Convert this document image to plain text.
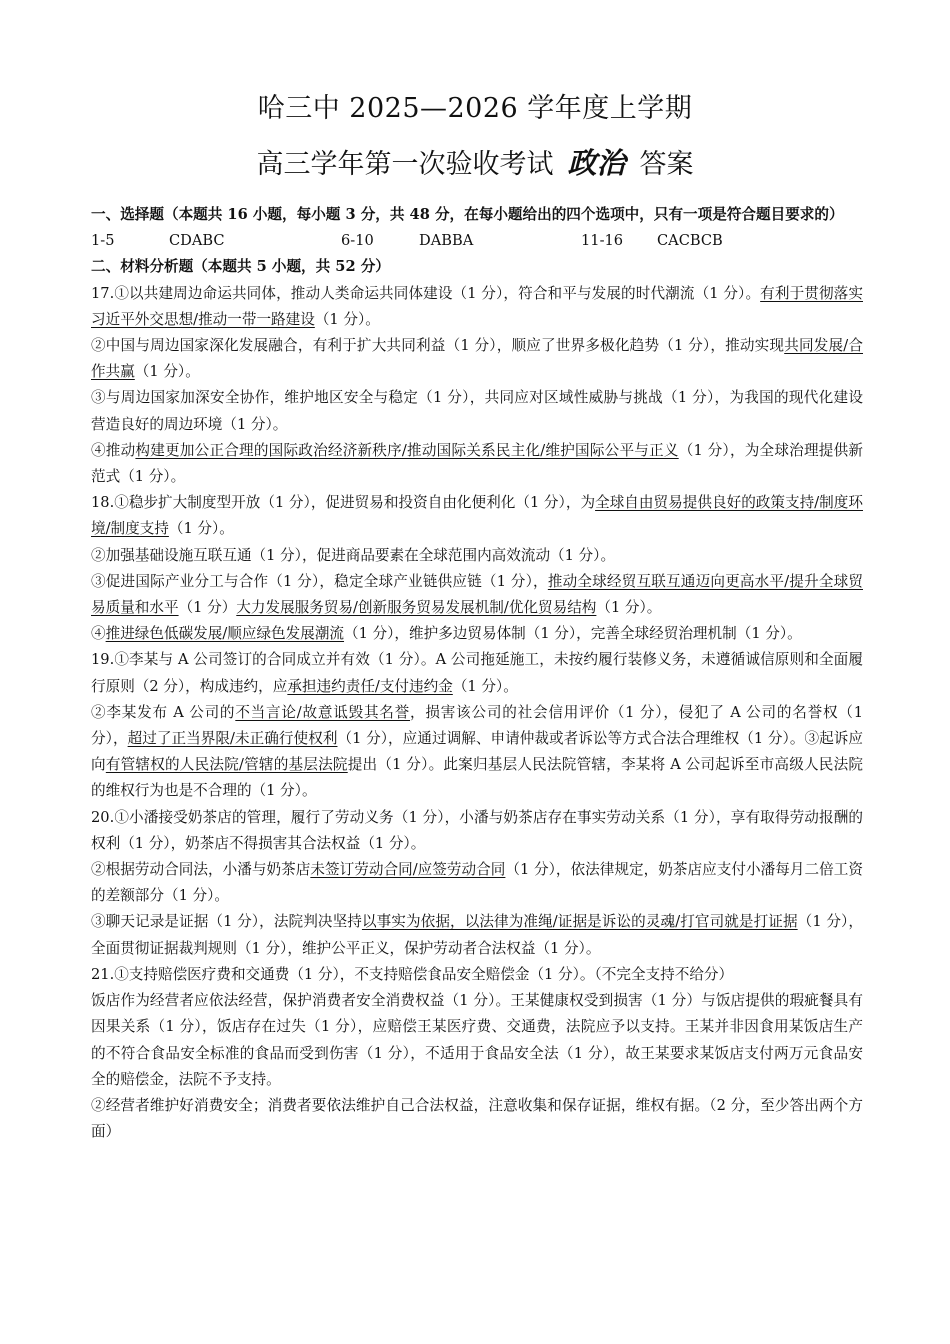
哈三中 2025—2026 学年度上学期
高三学年第一次验收考试 政治 答案

一、选择题（本题共 16 小题，每小题 3 分，共 48 分，在每小题给出的四个选项中，只有一项是符合题目要求的）

1-5	CDABC	6-10	DABBA	11-16 CACBCB

二、材料分析题（本题共 5 小题，共 52 分）

17.①以共建周边命运共同体，推动人类命运共同体建设（1 分），符合和平与发展的时代潮流（1 分）。有利于贯彻落实习近平外交思想/推动一带一路建设（1 分）。

②中国与周边国家深化发展融合，有利于扩大共同利益（1 分），顺应了世界多极化趋势（1 分），推动实现共同发展/合作共赢（1 分）。

③与周边国家加深安全协作，维护地区安全与稳定（1 分），共同应对区域性威胁与挑战（1 分），为我国的现代化建设营造良好的周边环境（1 分）。

④推动构建更加公正合理的国际政治经济新秩序/推动国际关系民主化/维护国际公平与正义（1 分），为全球治理提供新范式（1 分）。

18.①稳步扩大制度型开放（1 分），促进贸易和投资自由化便利化（1 分），为全球自由贸易提供良好的政策支持/制度环境/制度支持（1 分）。

②加强基础设施互联互通（1 分），促进商品要素在全球范围内高效流动（1 分）。

③促进国际产业分工与合作（1 分），稳定全球产业链供应链（1 分），推动全球经贸互联互通迈向更高水平/提升全球贸易质量和水平（1 分）大力发展服务贸易/创新服务贸易发展机制/优化贸易结构（1 分）。

④推进绿色低碳发展/顺应绿色发展潮流（1 分），维护多边贸易体制（1 分），完善全球经贸治理机制（1 分）。

19.①李某与 A 公司签订的合同成立并有效（1 分）。A 公司拖延施工，未按约履行装修义务，未遵循诚信原则和全面履行原则（2 分），构成违约，应承担违约责任/支付违约金（1 分）。

②李某发布 A 公司的不当言论/故意诋毁其名誉，损害该公司的社会信用评价（1 分），侵犯了 A 公司的名誉权（1 分），超过了正当界限/未正确行使权利（1 分），应通过调解、申请仲裁或者诉讼等方式合法合理维权（1 分）。③起诉应向有管辖权的人民法院/管辖的基层法院提出（1 分）。此案归基层人民法院管辖，李某将 A 公司起诉至市高级人民法院的维权行为也是不合理的（1 分）。

20.①小潘接受奶茶店的管理，履行了劳动义务（1 分），小潘与奶茶店存在事实劳动关系（1 分），享有取得劳动报酬的权利（1 分），奶茶店不得损害其合法权益（1 分）。

②根据劳动合同法，小潘与奶茶店未签订劳动合同/应签劳动合同（1 分），依法律规定，奶茶店应支付小潘每月二倍工资的差额部分（1 分）。

③聊天记录是证据（1 分），法院判决坚持以事实为依据，以法律为准绳/证据是诉讼的灵魂/打官司就是打证据（1 分），全面贯彻证据裁判规则（1 分），维护公平正义，保护劳动者合法权益（1 分）。

21.①支持赔偿医疗费和交通费（1 分），不支持赔偿食品安全赔偿金（1 分）。（不完全支持不给分）

饭店作为经营者应依法经营，保护消费者安全消费权益（1 分）。王某健康权受到损害（1 分）与饭店提供的瑕疵餐具有因果关系（1 分），饭店存在过失（1 分），应赔偿王某医疗费、交通费，法院应予以支持。王某并非因食用某饭店生产的不符合食品安全标准的食品而受到伤害（1 分），不适用于食品安全法（1 分），故王某要求某饭店支付两万元食品安全的赔偿金，法院不予支持。

②经营者维护好消费安全；消费者要依法维护自己合法权益，注意收集和保存证据，维权有据。（2 分，至少答出两个方面）
